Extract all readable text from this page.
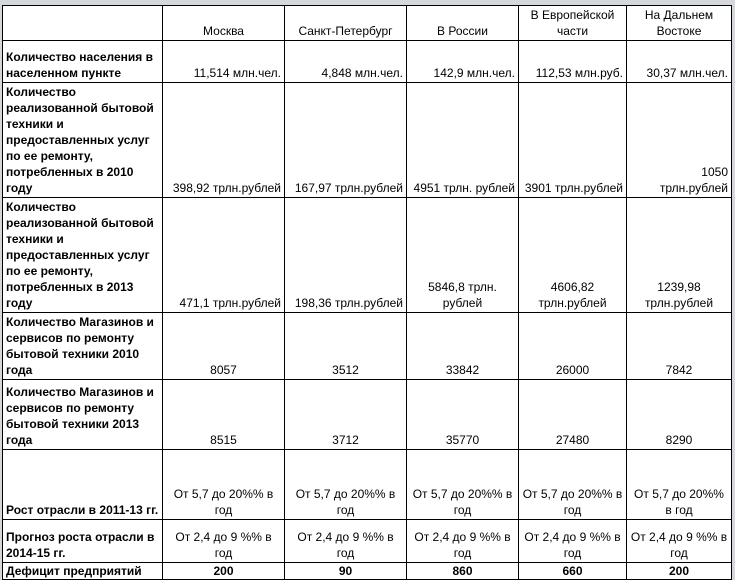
	Москва	Санкт-Петербург	В России	В Европейской части	На Дальнем Востоке
Количество населения в населенном пункте	11,514 млн.чел.	4,848 млн.чел.	142,9 млн.чел.	112,53 млн.руб.	30,37 млн.чел.
Количество реализованной бытовой техники и предоставленных услуг по ее ремонту, потребленных в 2010 году	398,92 трлн.рублей	167,97 трлн.рублей	4951 трлн. рублей	3901 трлн.рублей	1050 трлн.рублей
Количество реализованной бытовой техники и предоставленных услуг по ее ремонту, потребленных в 2013 году	471,1 трлн.рублей	198,36 трлн.рублей	5846,8 трлн. рублей	4606,82 трлн.рублей	1239,98 трлн.рублей
Количество Магазинов и сервисов по ремонту бытовой техники 2010 года	8057	3512	33842	26000	7842
Количество Магазинов и сервисов по ремонту бытовой техники 2013 года	8515	3712	35770	27480	8290
Рост отрасли в 2011-13 гг.	От 5,7 до 20%% в год	От 5,7 до 20%% в год	От 5,7 до 20%% в год	От 5,7 до 20%% в год	От 5,7 до 20%% в год
Прогноз роста отрасли в 2014-15 гг.	От 2,4 до 9 %% в год	От 2,4 до 9 %% в год	От 2,4 до 9 %% в год	От 2,4 до 9 %% в год	От 2,4 до 9 %% в год
Дефицит предприятий	200	90	860	660	200
